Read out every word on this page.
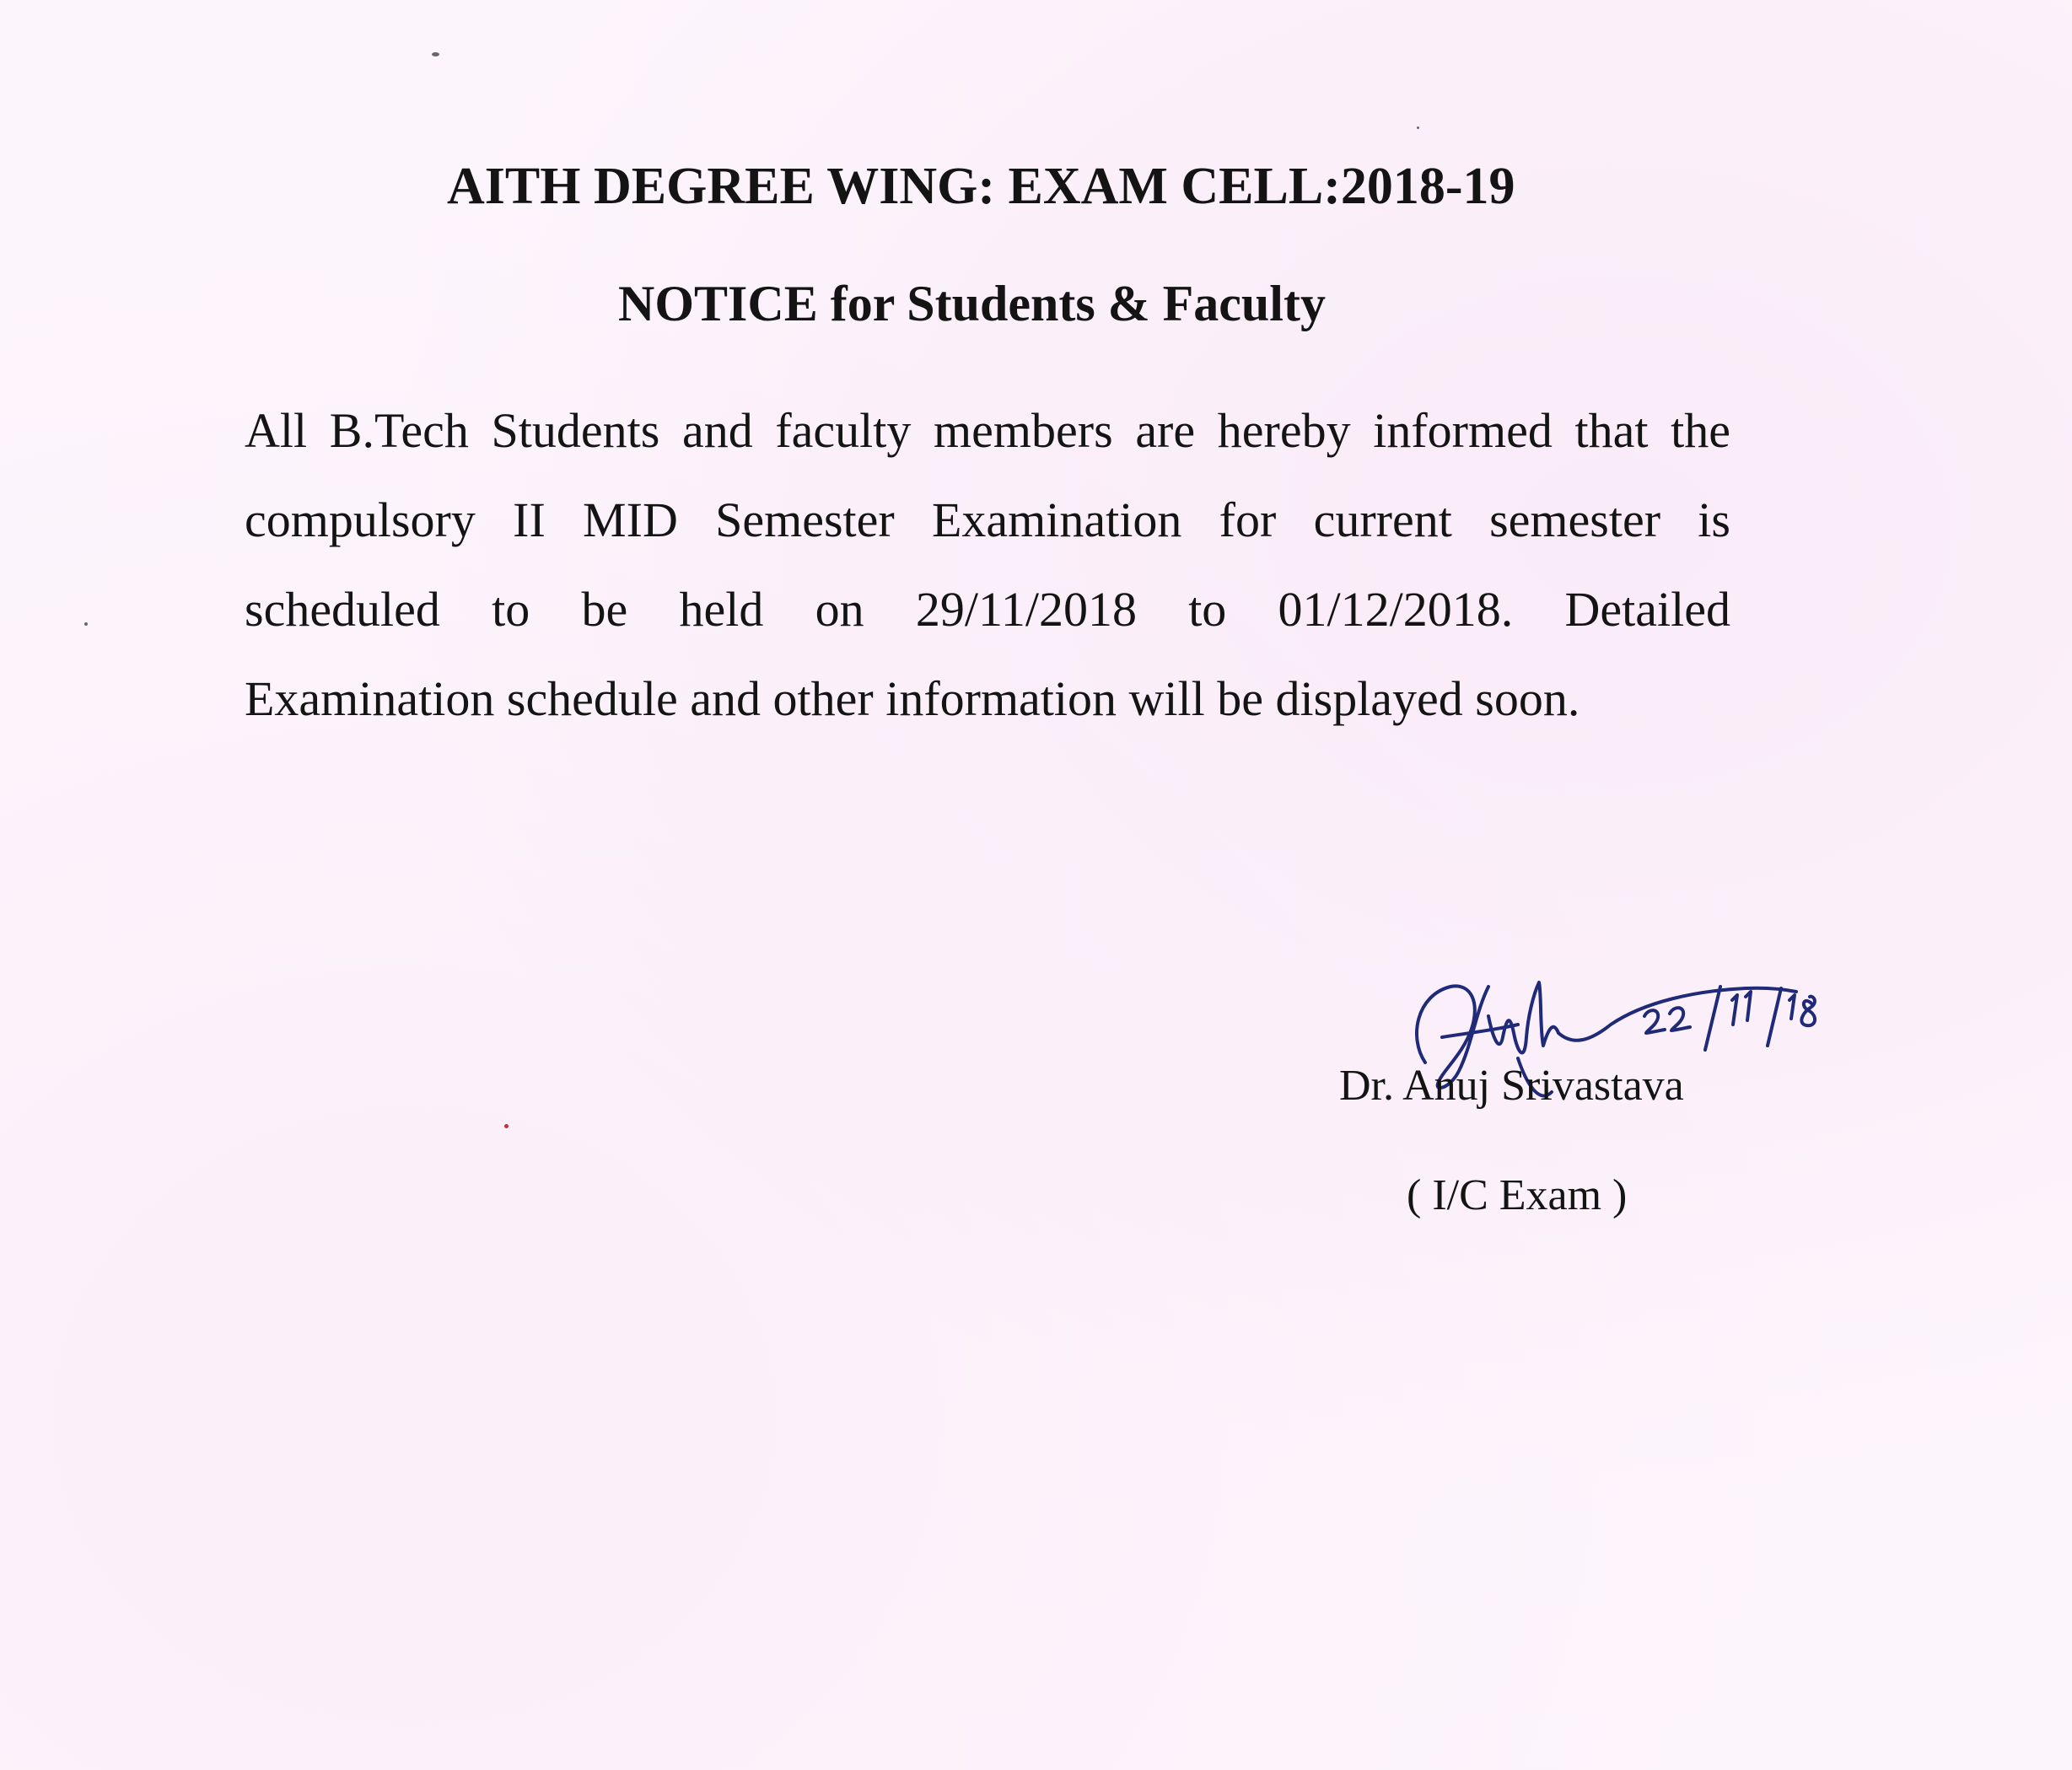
AITH DEGREE WING: EXAM CELL:2018-19
NOTICE for Students & Faculty

All B.Tech Students and faculty members are hereby informed that the
compulsory II MID Semester Examination for current semester is
scheduled to be held on 29/11/2018 to 01/12/2018. Detailed
Examination schedule and other information will be displayed soon.

Dr. Anuj Srivastava

( I/C Exam )
